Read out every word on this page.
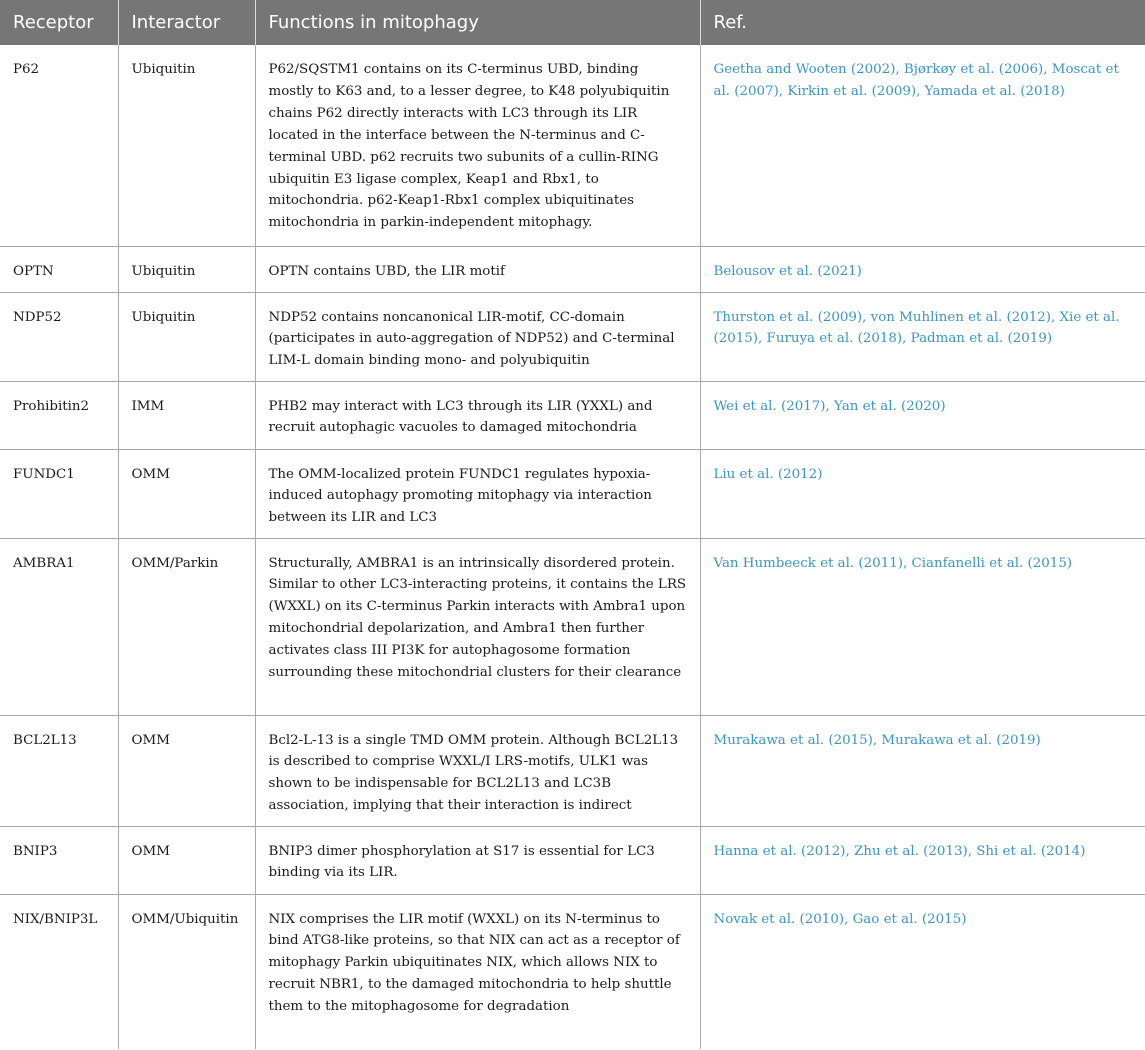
Receptor	Interactor	Functions in mitophagy	Ref.
P62	Ubiquitin	P62/SQSTM1 contains on its C-terminus UBD, binding mostly to K63 and, to a lesser degree, to K48 polyubiquitin chains P62 directly interacts with LC3 through its LIR located in the interface between the N-terminus and C-terminal UBD. p62 recruits two subunits of a cullin-RING ubiquitin E3 ligase complex, Keap1 and Rbx1, to mitochondria. p62-Keap1-Rbx1 complex ubiquitinates mitochondria in parkin-independent mitophagy.	Geetha and Wooten (2002), Bjørkøy et al. (2006), Moscat et al. (2007), Kirkin et al. (2009), Yamada et al. (2018)
OPTN	Ubiquitin	OPTN contains UBD, the LIR motif	Belousov et al. (2021)
NDP52	Ubiquitin	NDP52 contains noncanonical LIR-motif, CC-domain (participates in auto-aggregation of NDP52) and C-terminal LIM-L domain binding mono- and polyubiquitin	Thurston et al. (2009), von Muhlinen et al. (2012), Xie et al. (2015), Furuya et al. (2018), Padman et al. (2019)
Prohibitin2	IMM	PHB2 may interact with LC3 through its LIR (YXXL) and recruit autophagic vacuoles to damaged mitochondria	Wei et al. (2017), Yan et al. (2020)
FUNDC1	OMM	The OMM-localized protein FUNDC1 regulates hypoxia-induced autophagy promoting mitophagy via interaction between its LIR and LC3	Liu et al. (2012)
AMBRA1	OMM/Parkin	Structurally, AMBRA1 is an intrinsically disordered protein. Similar to other LC3-interacting proteins, it contains the LRS (WXXL) on its C-terminus Parkin interacts with Ambra1 upon mitochondrial depolarization, and Ambra1 then further activates class III PI3K for autophagosome formation surrounding these mitochondrial clusters for their clearance	Van Humbeeck et al. (2011), Cianfanelli et al. (2015)
BCL2L13	OMM	Bcl2-L-13 is a single TMD OMM protein. Although BCL2L13 is described to comprise WXXL/I LRS-motifs, ULK1 was shown to be indispensable for BCL2L13 and LC3B association, implying that their interaction is indirect	Murakawa et al. (2015), Murakawa et al. (2019)
BNIP3	OMM	BNIP3 dimer phosphorylation at S17 is essential for LC3 binding via its LIR.	Hanna et al. (2012), Zhu et al. (2013), Shi et al. (2014)
NIX/BNIP3L	OMM/Ubiquitin	NIX comprises the LIR motif (WXXL) on its N-terminus to bind ATG8-like proteins, so that NIX can act as a receptor of mitophagy Parkin ubiquitinates NIX, which allows NIX to recruit NBR1, to the damaged mitochondria to help shuttle them to the mitophagosome for degradation	Novak et al. (2010), Gao et al. (2015)
